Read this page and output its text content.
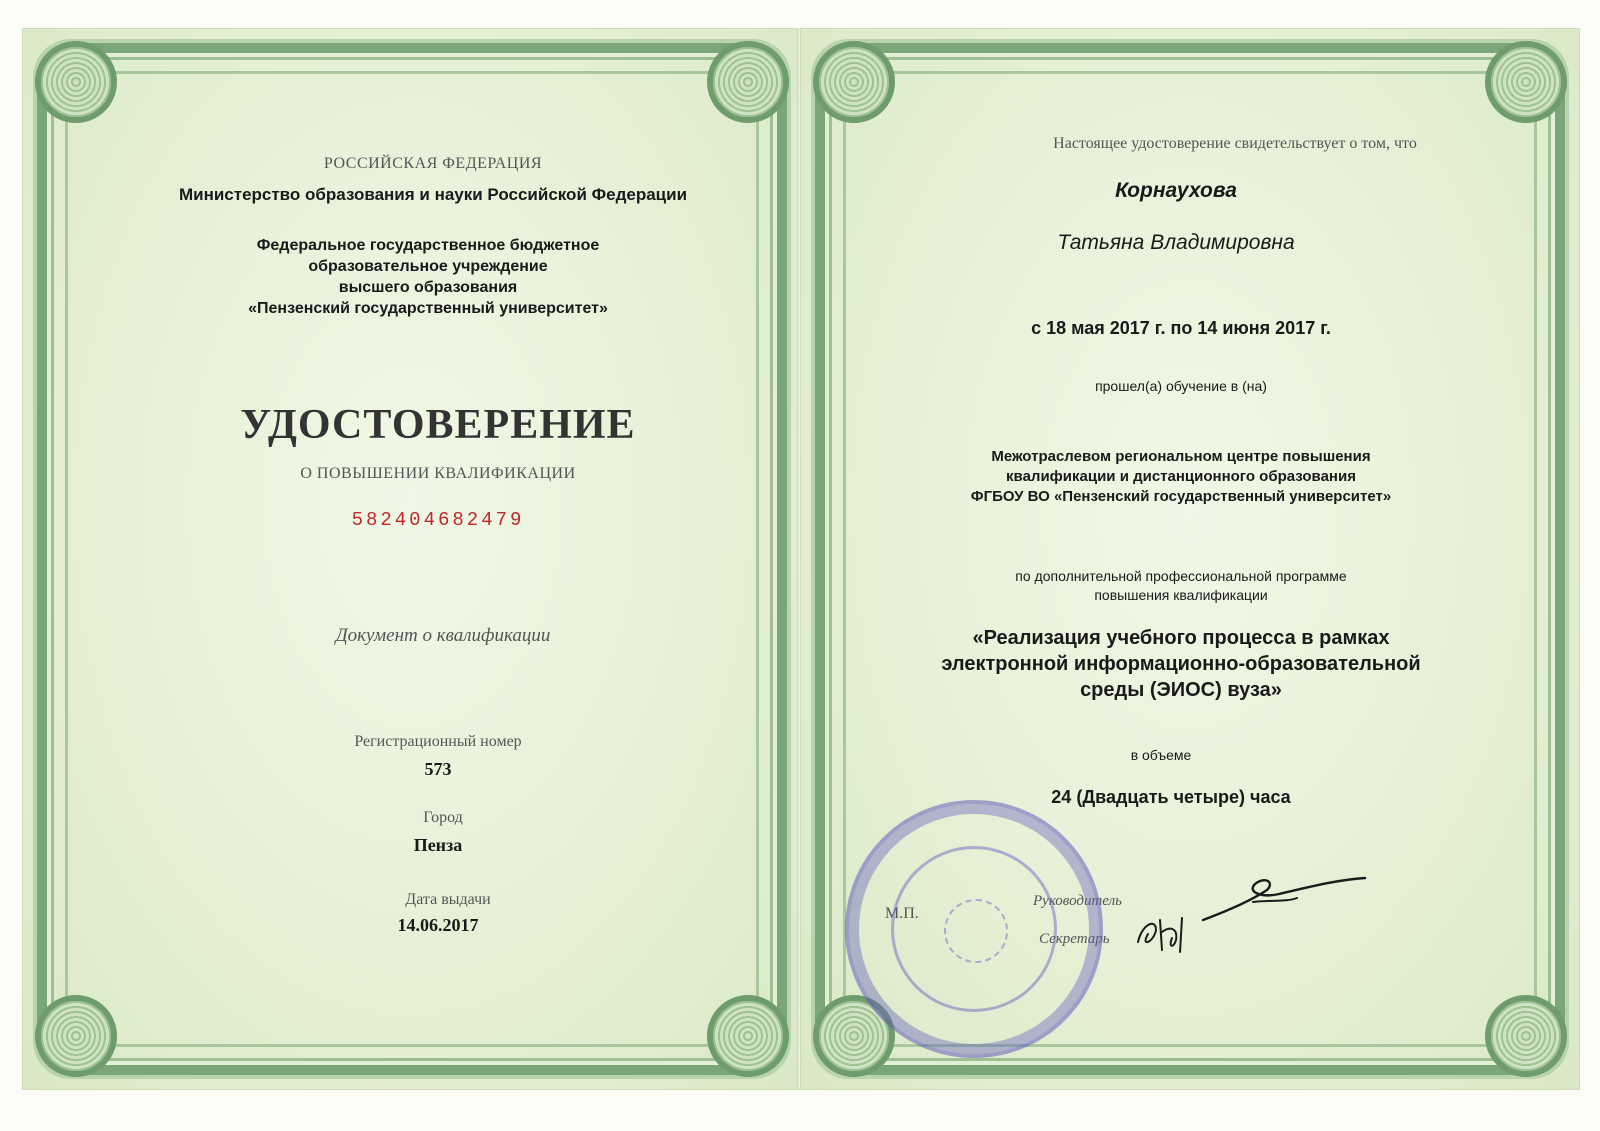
РОССИЙСКАЯ ФЕДЕРАЦИЯ
Министерство образования и науки Российской Федерации
Федеральное государственное бюджетное
образовательное учреждение
высшего образования
«Пензенский государственный университет»
УДОСТОВЕРЕНИЕ
О ПОВЫШЕНИИ КВАЛИФИКАЦИИ
582404682479
Документ о квалификации
Регистрационный номер
573
Город
Пенза
Дата выдачи
14.06.2017
Настоящее удостоверение свидетельствует о том, что
Корнаухова
Татьяна Владимировна
с 18 мая 2017 г. по 14 июня 2017 г.
прошел(а) обучение в (на)
Межотраслевом региональном центре повышения
квалификации и дистанционного образования
ФГБОУ ВО «Пензенский государственный университет»
по дополнительной профессиональной программе
повышения квалификации
«Реализация учебного процесса в рамках
электронной информационно-образовательной
среды (ЭИОС) вуза»
в объеме
24 (Двадцать четыре) часа
М.П.
Руководитель
Секретарь
